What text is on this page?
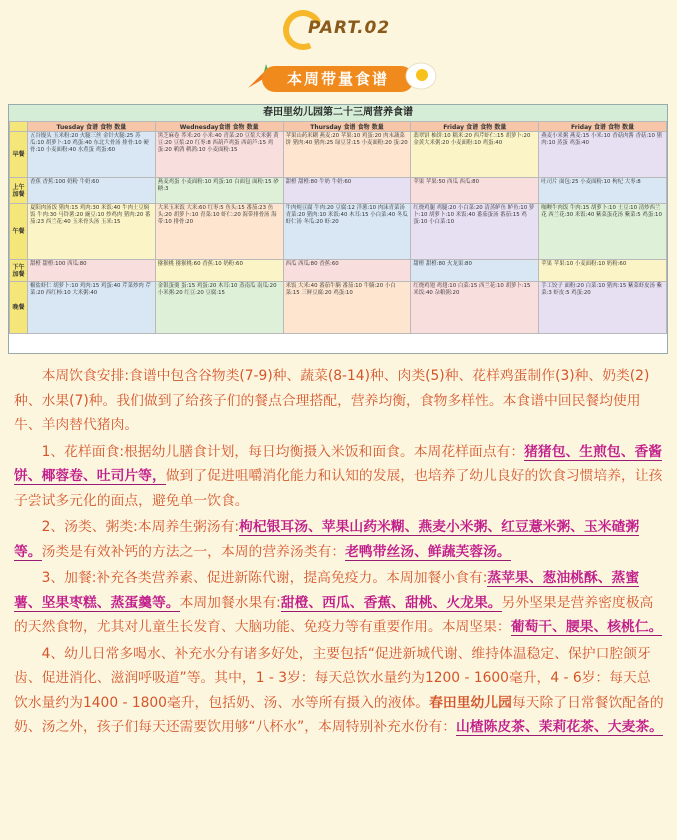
PART.02
本周带量食谱
春田里幼儿园第二十三周营养食谱
	Tuesday 食谱 食物 数量	Wednesday食谱 食物 数量	Thursday 食谱 食物 数量	Friday 食谱 食物 数量	Friday 食谱 食物 数量
早餐	五谷馒头 玉米粉:20 火腿三丝 金针火腿:25 苏瓜:10 胡萝卜:10 鸡蛋:40 东北大骨汤 排骨:10 硬骨:10 小麦面粉:40 水煮蛋 鸡蛋:60	黑芝麻卷 荞米:20 小米:40 青菜:20 豆浆大米粥 黄豆:20 豆浆:20 红枣:8 西葫芦鸡蛋 西葫芦:15 鸡蛋:20 鹌鹑 鹌鹑:10 小麦面粉:15	苹果山药米糊 燕麦:20 苹果:10 鸡蛋:20 肉末蔬菜饼 猪肉:40 猪肉:25 绿豆芽:15 小麦面粉:20 蛋:20	翡翠饼 柚饼:10 糯米:20 西芹虾仁:15 胡萝卜:20 金黄大米粥:20 小麦面粉:10 鸡蛋:40	燕麦小米粥 燕麦:15 小米:10 香菇肉酱 香菇:10 猪肉:10 蒸蛋 鸡蛋:40
上午加餐	香蕉 香蕉:100 奶粉 牛奶:60	燕麦鸡蛋 小麦面粉:10 鸡蛋:10 白面包 面粉:15 砂糖:3	甜橙 甜橙:80 牛奶 牛奶:60	苹果 苹果:50 西瓜 西瓜:80	吐司片 面包:25 小麦面粉:10 枸杞 大枣:8
午餐	夏阳肉汤饭 猪肉:15 鸡肉:30 米饭:40 牛肉土豆焖饭 牛肉:30 马铃薯:20 豌豆:10 炒鸡肉 猪肉:20 番茄:23 西兰花:40 玉米骨头汤 玉米:15	大米玉米饭 大米:60 红枣:5 鱼头:15 番茄:23 鱼头:20 胡萝卜:10 青菜:10 虾仁:20 海带排骨汤 海带:10 排骨:20	牛肉炖豆腐 牛肉:20 豆腐:12 洋葱:10 肉沫青菜汤 青菜:20 猪肉:10 米饭:40 木耳:15 小白菜:40 冬瓜虾仁汤 冬瓜:20 虾:20	红烧鸡腿 鸡腿:20 小白菜:20 清蒸鲈鱼 鲈鱼:10 萝卜:10 胡萝卜:10 米饭:40 番茄蛋汤 番茄:15 鸡蛋:10 小白菜:10	咖喱牛肉饭 牛肉:15 胡萝卜:10 土豆:10 清炒西兰花 西兰花:30 米饭:40 紫菜蛋花汤 紫菜:5 鸡蛋:10
下午加餐	甜橙 甜橙:100 西瓜:80	猕猴桃 猕猴桃:60 香蕉:10 奶粉:60	西瓜 西瓜:80 香蕉:60	甜橙 甜橙:80 火龙果:80	苹果 苹果:10 小麦面粉:10 奶粉:60
晚餐	椒盐虾仁 胡萝卜:10 鸡肉:15 鸡蛋:40 芹菜炒肉 芹菜:20 西红柿:10 大米粥:40	金银蛋羹 蛋:15 鸡蛋:20 木耳:10 蒸南瓜 南瓜:20 小米粥:20 红豆:20 豆腐:15	米饭 大米:40 番茄牛腩 番茄:10 牛腩:20 小白菜:15 三鲜豆腐:20 鸡蛋:10	红烧鸡翅 鸡翅:10 白菜:15 西兰花:10 胡萝卜:15 米饭:40 杂粮粥:20	手工饺子 面粉:20 白菜:10 猪肉:15 紫菜虾皮汤 紫菜:3 虾皮:5 鸡蛋:20

本周饮食安排:食谱中包含谷物类(7-9)种、蔬菜(8-14)种、肉类(5)种、花样鸡蛋制作(3)种、奶类(2)种、水果(7)种。我们做到了给孩子们的餐点合理搭配，营养均衡，食物多样性。本食谱中回民餐均使用牛、羊肉替代猪肉。

1、花样面食:根据幼儿膳食计划，每日均衡摄入米饭和面食。本周花样面点有：猪猪包、生煎包、香酱饼、椰蓉卷、吐司片等，做到了促进咀嚼消化能力和认知的发展，也培养了幼儿良好的饮食习惯培养，让孩子尝试多元化的面点，避免单一饮食。

2、汤类、粥类:本周养生粥汤有:枸杞银耳汤、苹果山药米糊、燕麦小米粥、红豆薏米粥、玉米碴粥等。汤类是有效补钙的方法之一，本周的营养汤类有：老鸭带丝汤、鲜蔬芙蓉汤。

3、加餐:补充各类营养素、促进新陈代谢，提高免疫力。本周加餐小食有:蒸苹果、葱油桃酥、蒸蜜薯、坚果枣糕、蒸蛋羹等。本周加餐水果有:甜橙、西瓜、香蕉、甜桃、火龙果。另外坚果是营养密度极高的天然食物，尤其对儿童生长发育、大脑功能、免疫力等有重要作用。本周坚果：葡萄干、腰果、核桃仁。

4、幼儿日常多喝水、补充水分有诸多好处，主要包括“促进新城代谢、维持体温稳定、保护口腔颌牙齿、促进消化、滋润呼吸道”等。其中，1 - 3岁：每天总饮水量约为1200 - 1600毫升，4 - 6岁：每天总饮水量约为1400 - 1800毫升，包括奶、汤、水等所有摄入的液体。春田里幼儿园每天除了日常餐饮配备的奶、汤之外，孩子们每天还需要饮用够“八杯水”，本周特别补充水份有：山楂陈皮茶、茉莉花茶、大麦茶。
